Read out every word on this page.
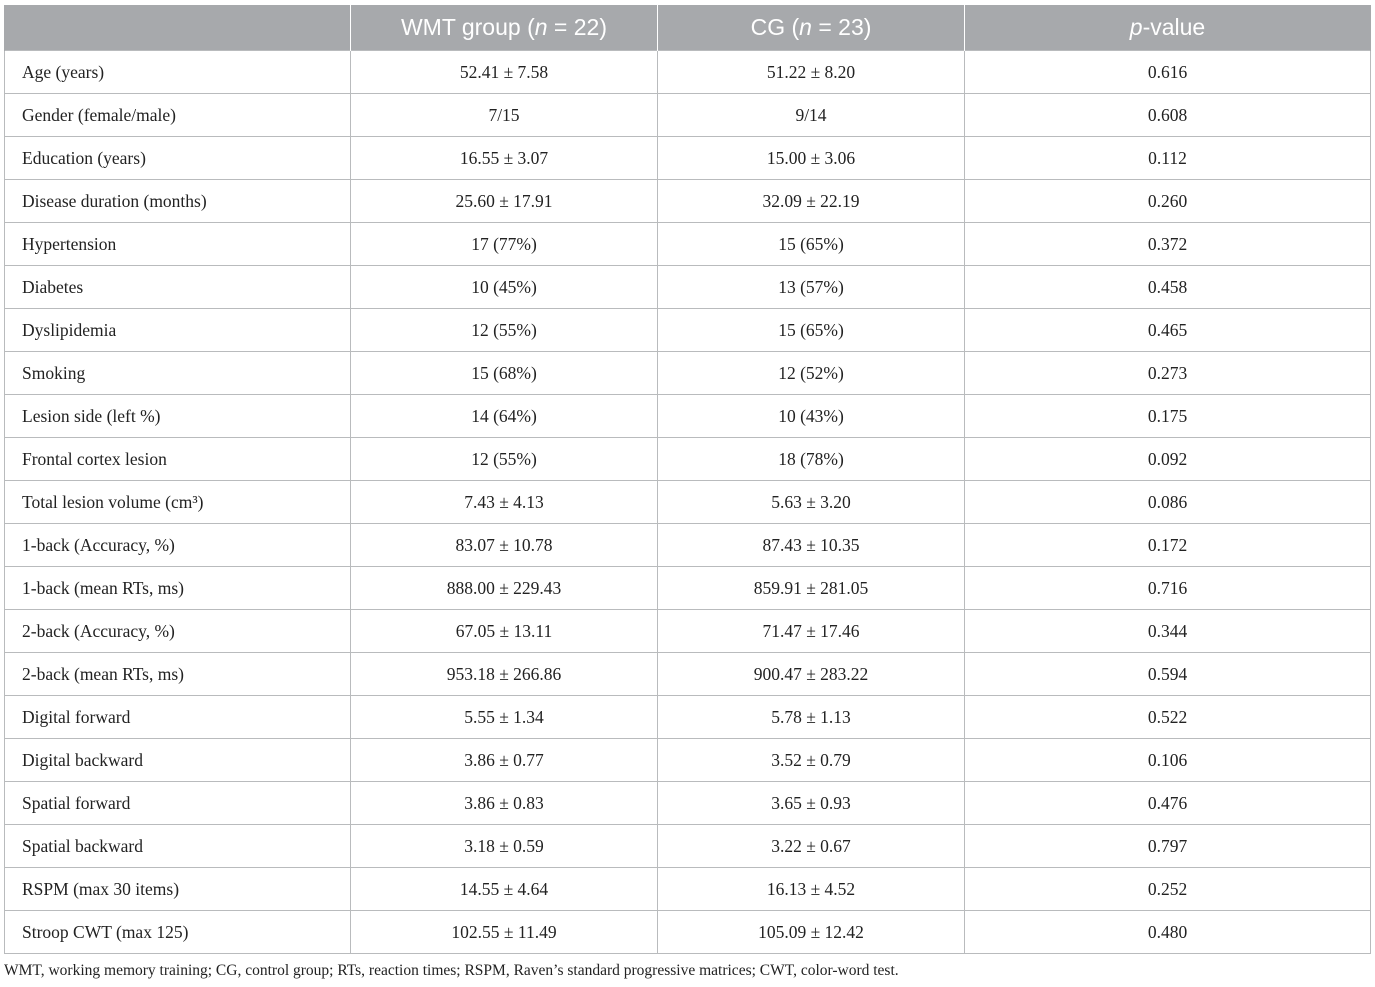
	WMT group (n = 22)	CG (n = 23)	p-value
Age (years)	52.41 ± 7.58	51.22 ± 8.20	0.616
Gender (female/male)	7/15	9/14	0.608
Education (years)	16.55 ± 3.07	15.00 ± 3.06	0.112
Disease duration (months)	25.60 ± 17.91	32.09 ± 22.19	0.260
Hypertension	17 (77%)	15 (65%)	0.372
Diabetes	10 (45%)	13 (57%)	0.458
Dyslipidemia	12 (55%)	15 (65%)	0.465
Smoking	15 (68%)	12 (52%)	0.273
Lesion side (left %)	14 (64%)	10 (43%)	0.175
Frontal cortex lesion	12 (55%)	18 (78%)	0.092
Total lesion volume (cm³)	7.43 ± 4.13	5.63 ± 3.20	0.086
1-back (Accuracy, %)	83.07 ± 10.78	87.43 ± 10.35	0.172
1-back (mean RTs, ms)	888.00 ± 229.43	859.91 ± 281.05	0.716
2-back (Accuracy, %)	67.05 ± 13.11	71.47 ± 17.46	0.344
2-back (mean RTs, ms)	953.18 ± 266.86	900.47 ± 283.22	0.594
Digital forward	5.55 ± 1.34	5.78 ± 1.13	0.522
Digital backward	3.86 ± 0.77	3.52 ± 0.79	0.106
Spatial forward	3.86 ± 0.83	3.65 ± 0.93	0.476
Spatial backward	3.18 ± 0.59	3.22 ± 0.67	0.797
RSPM (max 30 items)	14.55 ± 4.64	16.13 ± 4.52	0.252
Stroop CWT (max 125)	102.55 ± 11.49	105.09 ± 12.42	0.480
WMT, working memory training; CG, control group; RTs, reaction times; RSPM, Raven’s standard progressive matrices; CWT, color-word test.
